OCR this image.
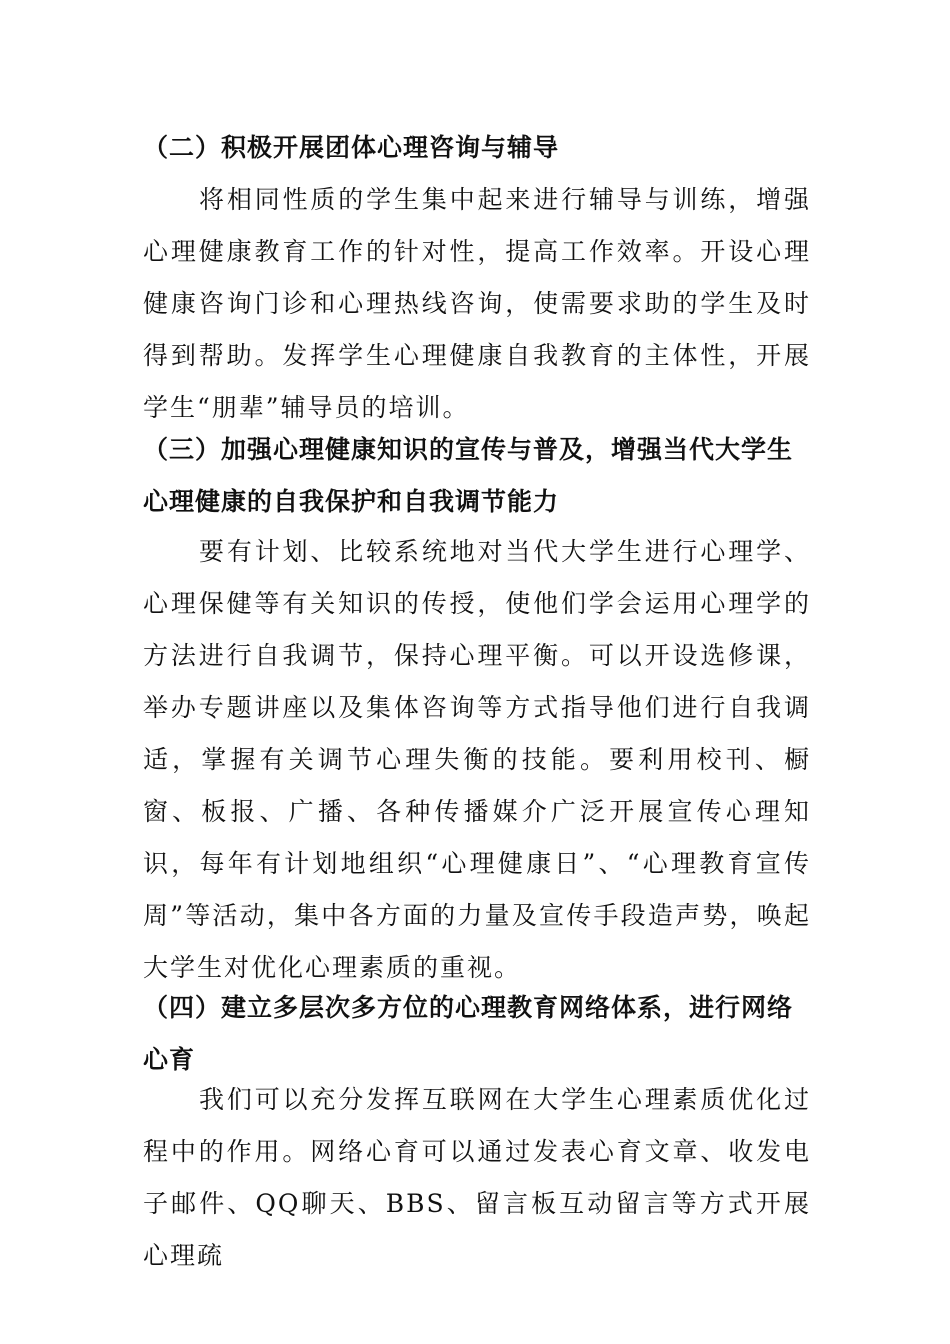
（二）积极开展团体心理咨询与辅导

将相同性质的学生集中起来进行辅导与训练，增强心理健康教育工作的针对性，提高工作效率。开设心理健康咨询门诊和心理热线咨询，使需要求助的学生及时得到帮助。发挥学生心理健康自我教育的主体性，开展学生“朋辈”辅导员的培训。

（三）加强心理健康知识的宣传与普及，增强当代大学生心理健康的自我保护和自我调节能力

要有计划、比较系统地对当代大学生进行心理学、心理保健等有关知识的传授，使他们学会运用心理学的方法进行自我调节，保持心理平衡。可以开设选修课，举办专题讲座以及集体咨询等方式指导他们进行自我调适，掌握有关调节心理失衡的技能。要利用校刊、橱窗、板报、广播、各种传播媒介广泛开展宣传心理知识，每年有计划地组织“心理健康日”、“心理教育宣传周”等活动，集中各方面的力量及宣传手段造声势，唤起大学生对优化心理素质的重视。

（四）建立多层次多方位的心理教育网络体系，进行网络心育

我们可以充分发挥互联网在大学生心理素质优化过程中的作用。网络心育可以通过发表心育文章、收发电子邮件、QQ聊天、BBS、留言板互动留言等方式开展心理疏
